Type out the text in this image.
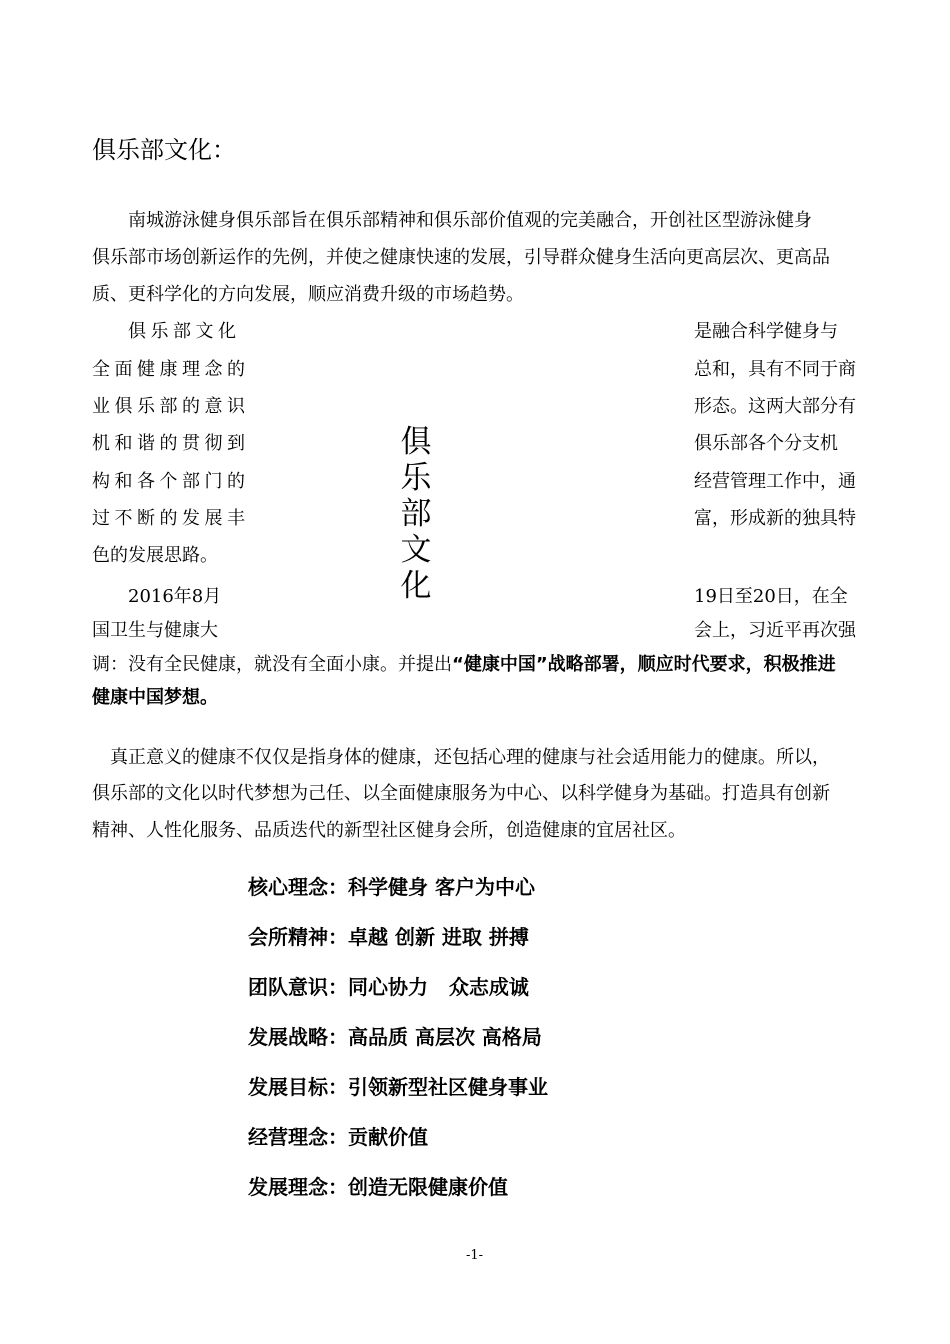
俱乐部文化：
南城游泳健身俱乐部旨在俱乐部精神和俱乐部价值观的完美融合，开创社区型游泳健身
俱乐部市场创新运作的先例，并使之健康快速的发展，引导群众健身生活向更高层次、更高品
质、更科学化的方向发展，顺应消费升级的市场趋势。
俱乐部文化
全面健康理念的
业俱乐部的意识
机和谐的贯彻到
构和各个部门的
过不断的发展丰
色的发展思路。
2016年8月
国卫生与健康大
是融合科学健身与
总和，具有不同于商
形态。这两大部分有
俱乐部各个分支机
经营管理工作中，通
富，形成新的独具特
19日至20日，在全
会上，习近平再次强
俱
乐
部
文
化
调：没有全民健康，就没有全面小康。并提出“健康中国”战略部署，顺应时代要求，积极推进
健康中国梦想。
真正意义的健康不仅仅是指身体的健康，还包括心理的健康与社会适用能力的健康。所以，
俱乐部的文化以时代梦想为己任、以全面健康服务为中心、以科学健身为基础。打造具有创新
精神、人性化服务、品质迭代的新型社区健身会所，创造健康的宜居社区。
核心理念：科学健身 客户为中心
会所精神：卓越 创新 进取 拼搏
团队意识：同心协力   众志成诚
发展战略：高品质 高层次 高格局
发展目标：引领新型社区健身事业
经营理念：贡献价值
发展理念：创造无限健康价值
-1-
